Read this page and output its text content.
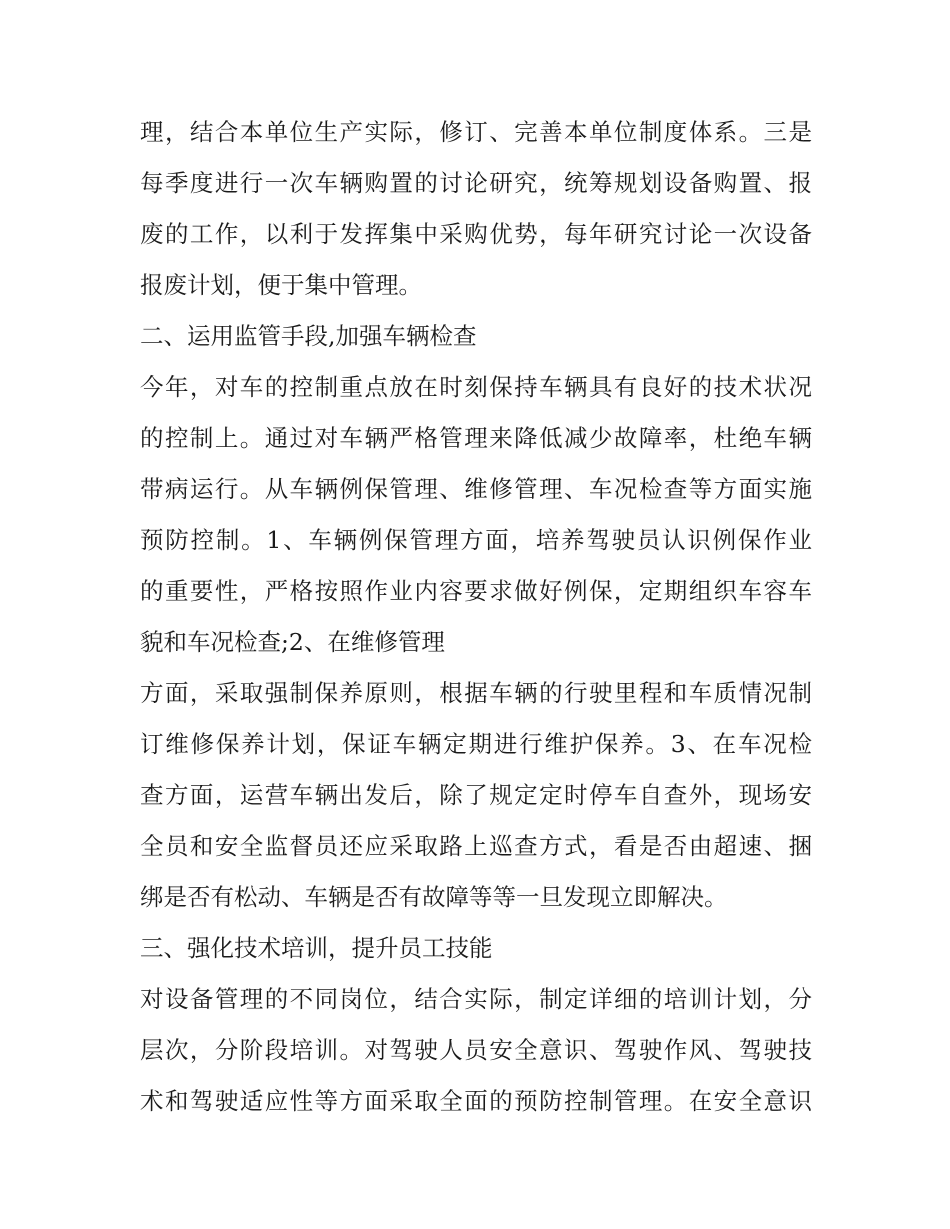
理，结合本单位生产实际，修订、完善本单位制度体系。三是
每季度进行一次车辆购置的讨论研究，统筹规划设备购置、报
废的工作，以利于发挥集中采购优势，每年研究讨论一次设备
报废计划，便于集中管理。
二、运用监管手段,加强车辆检查
今年，对车的控制重点放在时刻保持车辆具有良好的技术状况
的控制上。通过对车辆严格管理来降低减少故障率，杜绝车辆
带病运行。从车辆例保管理、维修管理、车况检查等方面实施
预防控制。1、车辆例保管理方面，培养驾驶员认识例保作业
的重要性，严格按照作业内容要求做好例保，定期组织车容车
貌和车况检查;2、在维修管理
方面，采取强制保养原则，根据车辆的行驶里程和车质情况制
订维修保养计划，保证车辆定期进行维护保养。3、在车况检
查方面，运营车辆出发后，除了规定定时停车自查外，现场安
全员和安全监督员还应采取路上巡查方式，看是否由超速、捆
绑是否有松动、车辆是否有故障等等一旦发现立即解决。
三、强化技术培训，提升员工技能
对设备管理的不同岗位，结合实际，制定详细的培训计划，分
层次，分阶段培训。对驾驶人员安全意识、驾驶作风、驾驶技
术和驾驶适应性等方面采取全面的预防控制管理。在安全意识
